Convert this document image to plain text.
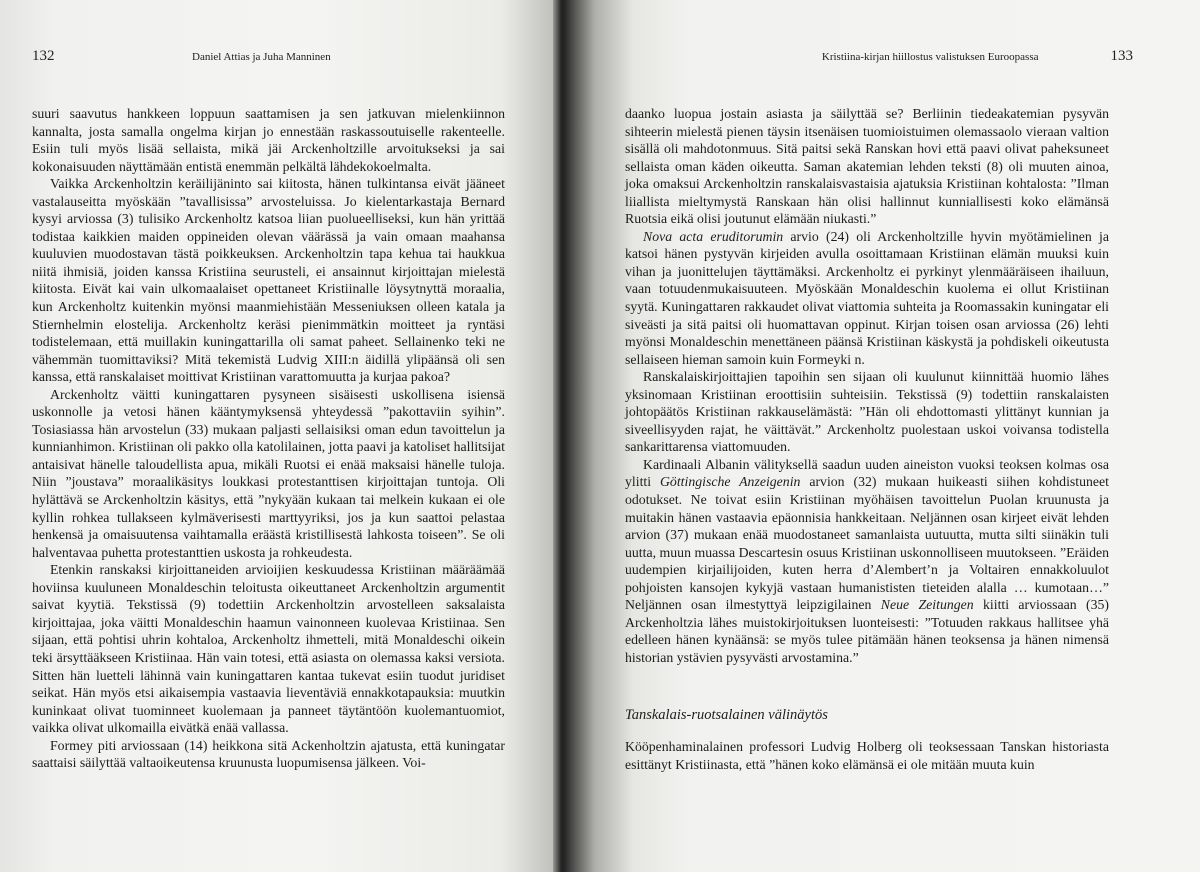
132	Daniel Attias ja Juha Manninen

suuri saavutus hankkeen loppuun saattamisen ja sen jatkuvan mielenkiinnon kannalta, josta samalla ongelma kirjan jo ennestään raskassoutuiselle rakenteelle. Esiin tuli myös lisää sellaista, mikä jäi Arckenholtzille arvoitukseksi ja sai kokonaisuuden näyttämään entistä enemmän pelkältä lähdekokoelmalta.

Vaikka Arckenholtzin keräilijäninto sai kiitosta, hänen tulkintansa eivät jääneet vastalauseitta myöskään ”tavallisissa” arvosteluissa. Jo kielentarkastaja Bernard kysyi arviossa (3) tulisiko Arckenholtz katsoa liian puolueelliseksi, kun hän yrittää todistaa kaikkien maiden oppineiden olevan väärässä ja vain omaan maahansa kuuluvien muodostavan tästä poikkeuksen. Arckenholtzin tapa kehua tai haukkua niitä ihmisiä, joiden kanssa Kristiina seurusteli, ei ansainnut kirjoittajan mielestä kiitosta. Eivät kai vain ulkomaalaiset opettaneet Kristiinalle löysytnyttä moraalia, kun Arckenholtz kuitenkin myönsi maanmiehistään Messeniuksen olleen katala ja Stiernhelmin elostelija. Arckenholtz keräsi pienimmätkin moitteet ja ryntäsi todistelemaan, että muillakin kuningattarilla oli samat paheet. Sellainenko teki ne vähemmän tuomittaviksi? Mitä tekemistä Ludvig XIII:n äidillä ylipäänsä oli sen kanssa, että ranskalaiset moittivat Kristiinan varattomuutta ja kurjaa pakoa?

Arckenholtz väitti kuningattaren pysyneen sisäisesti uskollisena isiensä uskonnolle ja vetosi hänen kääntymyksensä yhteydessä ”pakottaviin syihin”. Tosiasiassa hän arvostelun (33) mukaan paljasti sellaisiksi oman edun tavoittelun ja kunnianhimon. Kristiinan oli pakko olla katolilainen, jotta paavi ja katoliset hallitsijat antaisivat hänelle taloudellista apua, mikäli Ruotsi ei enää maksaisi hänelle tuloja. Niin ”joustava” moraalikäsitys loukkasi protestanttisen kirjoittajan tuntoja. Oli hylättävä se Arckenholtzin käsitys, että ”nykyään kukaan tai melkein kukaan ei ole kyllin rohkea tullakseen kylmäverisesti marttyyriksi, jos ja kun saattoi pelastaa henkensä ja omaisuutensa vaihtamalla eräästä kristillisestä lahkosta toiseen”. Se oli halventavaa puhetta protestanttien uskosta ja rohkeudesta.

Etenkin ranskaksi kirjoittaneiden arvioijien keskuudessa Kristiinan määräämää hoviinsa kuuluneen Monaldeschin teloitusta oikeuttaneet Arckenholtzin argumentit saivat kyytiä. Tekstissä (9) todettiin Arckenholtzin arvostelleen saksalaista kirjoittajaa, joka väitti Monaldeschin haamun vainonneen kuolevaa Kristiinaa. Sen sijaan, että pohtisi uhrin kohtaloa, Arckenholtz ihmetteli, mitä Monaldeschi oikein teki ärsyttääkseen Kristiinaa. Hän vain totesi, että asiasta on olemassa kaksi versiota. Sitten hän luetteli lähinnä vain kuningattaren kantaa tukevat esiin tuodut juridiset seikat. Hän myös etsi aikaisempia vastaavia lieventäviä ennakkotapauksia: muutkin kuninkaat olivat tuominneet kuolemaan ja panneet täytäntöön kuolemantuomiot, vaikka olivat ulkomailla eivätkä enää vallassa.

Formey piti arviossaan (14) heikkona sitä Ackenholtzin ajatusta, että kuningatar saattaisi säilyttää valtaoikeutensa kruunusta luopumisensa jälkeen. Voi-

Kristiina-kirjan hiillostus valistuksen Euroopassa	133

daanko luopua jostain asiasta ja säilyttää se? Berliinin tiedeakatemian pysyvän sihteerin mielestä pienen täysin itsenäisen tuomioistuimen olemassaolo vieraan valtion sisällä oli mahdotonmuus. Sitä paitsi sekä Ranskan hovi että paavi olivat paheksuneet sellaista oman käden oikeutta. Saman akatemian lehden teksti (8) oli muuten ainoa, joka omaksui Arckenholtzin ranskalaisvastaisia ajatuksia Kristiinan kohtalosta: ”Ilman liiallista mieltymystä Ranskaan hän olisi hallinnut kunniallisesti koko elämänsä Ruotsia eikä olisi joutunut elämään niukasti.”

Nova acta eruditorumin arvio (24) oli Arckenholtzille hyvin myötämielinen ja katsoi hänen pystyvän kirjeiden avulla osoittamaan Kristiinan elämän muuksi kuin vihan ja juonittelujen täyttämäksi. Arckenholtz ei pyrkinyt ylenmääräiseen ihailuun, vaan totuudenmukaisuuteen. Myöskään Monaldeschin kuolema ei ollut Kristiinan syytä. Kuningattaren rakkaudet olivat viattomia suhteita ja Roomassakin kuningatar eli siveästi ja sitä paitsi oli huomattavan oppinut. Kirjan toisen osan arviossa (26) lehti myönsi Monaldeschin menettäneen päänsä Kristiinan käskystä ja pohdiskeli oikeutusta sellaiseen hieman samoin kuin Formeyki n.

Ranskalaiskirjoittajien tapoihin sen sijaan oli kuulunut kiinnittää huomio lähes yksinomaan Kristiinan eroottisiin suhteisiin. Tekstissä (9) todettiin ranskalaisten johtopäätös Kristiinan rakkauselämästä: ”Hän oli ehdottomasti ylittänyt kunnian ja siveellisyyden rajat, he väittävät.” Arckenholtz puolestaan uskoi voivansa todistella sankarittarensa viattomuuden.

Kardinaali Albanin välityksellä saadun uuden aineiston vuoksi teoksen kolmas osa ylitti Göttingische Anzeigenin arvion (32) mukaan huikeasti siihen kohdistuneet odotukset. Ne toivat esiin Kristiinan myöhäisen tavoittelun Puolan kruunusta ja muitakin hänen vastaavia epäonnisia hankkeitaan. Neljännen osan kirjeet eivät lehden arvion (37) mukaan enää muodostaneet samanlaista uutuutta, mutta silti siinäkin tuli uutta, muun muassa Descartesin osuus Kristiinan uskonnolliseen muutokseen. ”Eräiden uudempien kirjailijoiden, kuten herra d’Alembert’n ja Voltairen ennakkoluulot pohjoisten kansojen kykyjä vastaan humanististen tieteiden alalla … kumotaan…” Neljännen osan ilmestyttyä leipzigilainen Neue Zeitungen kiitti arviossaan (35) Arckenholtzia lähes muistokirjoituksen luonteisesti: ”Totuuden rakkaus hallitsee yhä edelleen hänen kynäänsä: se myös tulee pitämään hänen teoksensa ja hänen nimensä historian ystävien pysyvästi arvostamina.”

Tanskalais-ruotsalainen välinäytös

Kööpenhaminalainen professori Ludvig Holberg oli teoksessaan Tanskan historiasta esittänyt Kristiinasta, että ”hänen koko elämänsä ei ole mitään muuta kuin
